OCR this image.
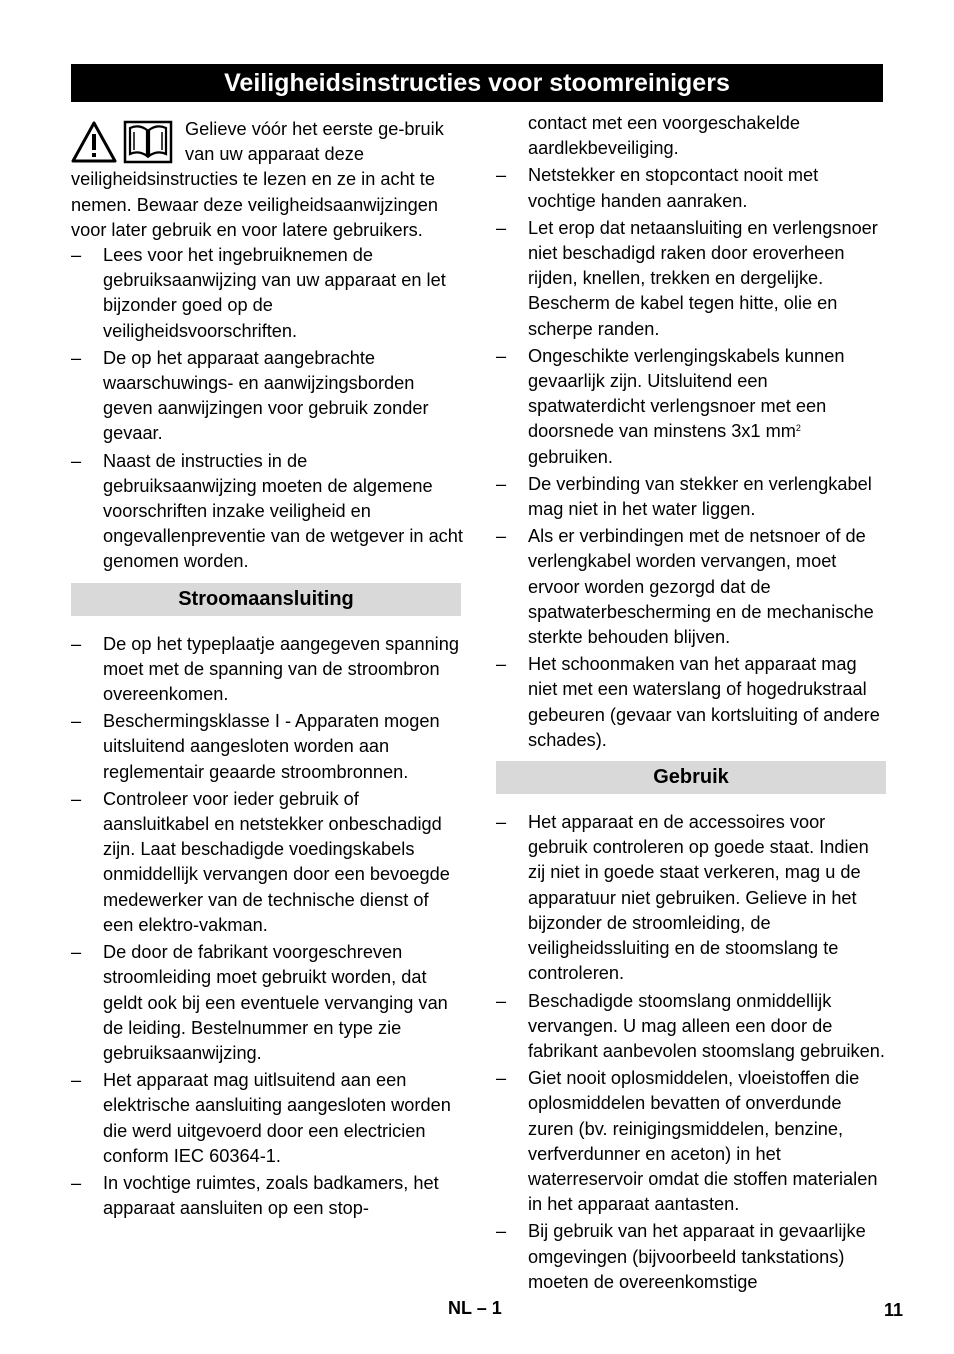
Veiligheidsinstructies voor stoomreinigers
Gelieve vóór het eerste ge-bruik van uw apparaat deze veiligheidsinstructies te lezen en ze in acht te nemen. Bewaar deze veiligheidsaanwijzingen voor later gebruik en voor latere gebruikers.
– Lees voor het ingebruiknemen de gebruiksaanwijzing van uw apparaat en let bijzonder goed op de veiligheidsvoorschriften.
– De op het apparaat aangebrachte waarschuwings- en aanwijzingsborden geven aanwijzingen voor gebruik zonder gevaar.
– Naast de instructies in de gebruiksaanwijzing moeten de algemene voorschriften inzake veiligheid en ongevallenpreventie van de wetgever in acht genomen worden.
Stroomaansluiting
– De op het typeplaatje aangegeven spanning moet met de spanning van de stroombron overeenkomen.
– Beschermingsklasse I - Apparaten mogen uitsluitend aangesloten worden aan reglementair geaarde stroombronnen.
– Controleer voor ieder gebruik of aansluitkabel en netstekker onbeschadigd zijn. Laat beschadigde voedingskabels onmiddellijk vervangen door een bevoegde medewerker van de technische dienst of een elektro-vakman.
– De door de fabrikant voorgeschreven stroomleiding moet gebruikt worden, dat geldt ook bij een eventuele vervanging van de leiding. Bestelnummer en type zie gebruiksaanwijzing.
– Het apparaat mag uitlsuitend aan een elektrische aansluiting aangesloten worden die werd uitgevoerd door een electricien conform IEC 60364-1.
– In vochtige ruimtes, zoals badkamers, het apparaat aansluiten op een stop-
contact met een voorgeschakelde aardlekbeveiliging.
– Netstekker en stopcontact nooit met vochtige handen aanraken.
– Let erop dat netaansluiting en verlengsnoer niet beschadigd raken door eroverheen rijden, knellen, trekken en dergelijke. Bescherm de kabel tegen hitte, olie en scherpe randen.
– Ongeschikte verlengingskabels kunnen gevaarlijk zijn. Uitsluitend een spatwaterdicht verlengsnoer met een doorsnede van minstens 3x1 $mm^2$ gebruiken.
– De verbinding van stekker en verlengkabel mag niet in het water liggen.
– Als er verbindingen met de netsnoer of de verlengkabel worden vervangen, moet ervoor worden gezorgd dat de spatwaterbescherming en de mechanische sterkte behouden blijven.
– Het schoonmaken van het apparaat mag niet met een waterslang of hogedrukstraal gebeuren (gevaar van kortsluiting of andere schades).
Gebruik
– Het apparaat en de accessoires voor gebruik controleren op goede staat. Indien zij niet in goede staat verkeren, mag u de apparatuur niet gebruiken. Gelieve in het bijzonder de stroomleiding, de veiligheidssluiting en de stoomslang te controleren.
– Beschadigde stoomslang onmiddellijk vervangen. U mag alleen een door de fabrikant aanbevolen stoomslang gebruiken.
– Giet nooit oplosmiddelen, vloeistoffen die oplosmiddelen bevatten of onverdunde zuren (bv. reinigingsmiddelen, benzine, verfverdunner en aceton) in het waterreservoir omdat die stoffen materialen in het apparaat aantasten.
– Bij gebruik van het apparaat in gevaarlijke omgevingen (bijvoorbeeld tankstations) moeten de overeenkomstige
NL – 1	11
